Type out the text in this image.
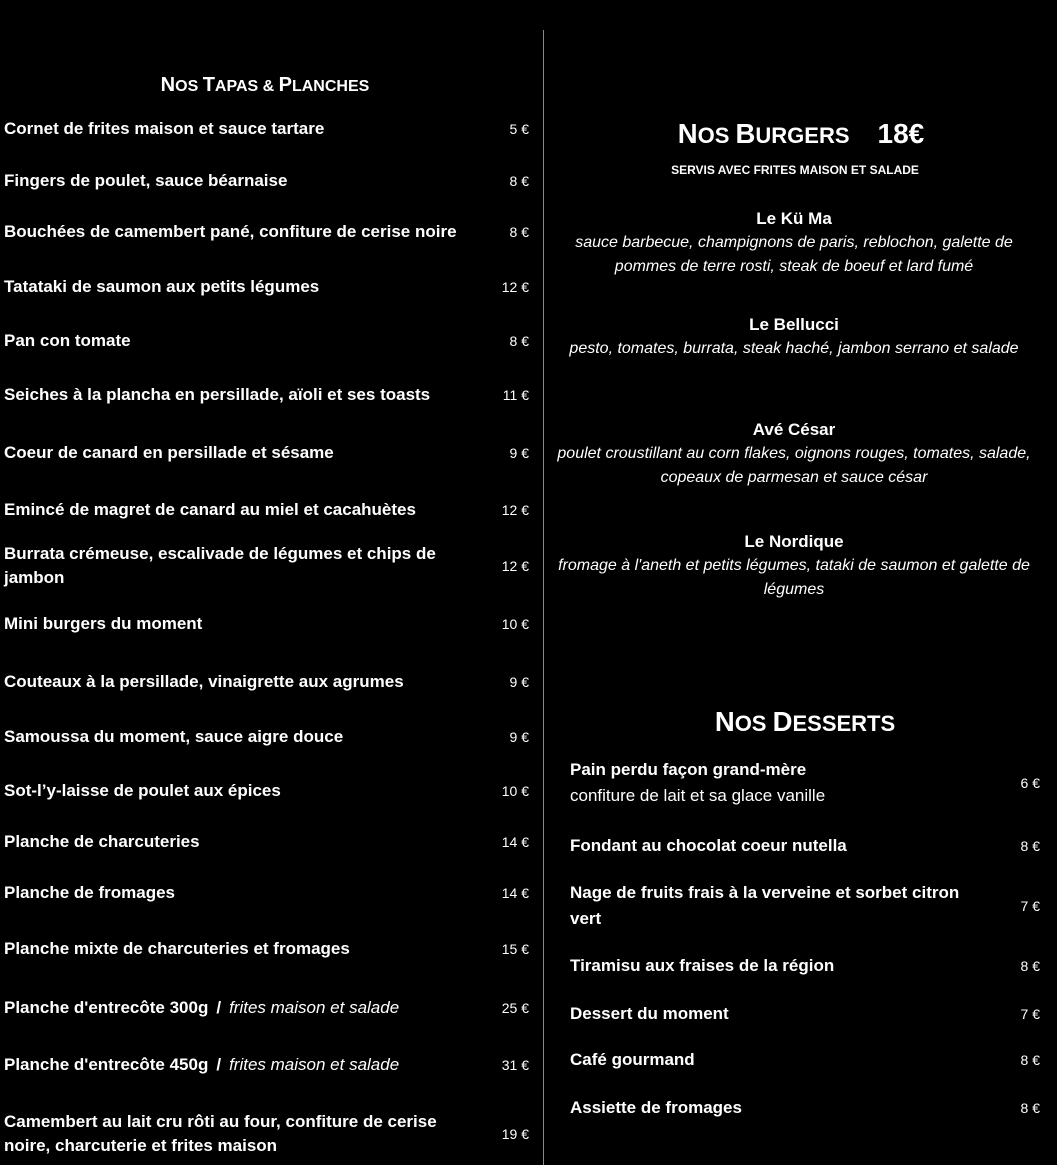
NOS TAPAS & PLANCHES
Cornet de frites maison et sauce tartare	5 €
Fingers de poulet, sauce béarnaise	8 €
Bouchées de camembert pané, confiture de cerise noire	8 €
Tatataki de saumon aux petits légumes	12 €
Pan con tomate	8 €
Seiches à la plancha en persillade, aïoli et ses toasts	11 €
Coeur de canard en persillade et sésame	9 €
Emincé de magret de canard au miel et cacahuètes	12 €
Burrata crémeuse, escalivade de légumes et chips de jambon
12 €
Mini burgers du moment	10 €
Couteaux à la persillade, vinaigrette aux agrumes	9 €
Samoussa du moment, sauce aigre douce	9 €
Sot-l’y-laisse de poulet aux épices	10 €
Planche de charcuteries	14 €
Planche de fromages	14 €
Planche mixte de charcuteries et fromages	15 €
Planche d'entrecôte 300g / frites maison et salade	25 €
Planche d'entrecôte 450g / frites maison et salade	31 €
Camembert au lait cru rôti au four, confiture de cerise noire, charcuterie et frites maison
19 €
NOS BURGERS 18€
SERVIS AVEC FRITES MAISON ET SALADE
Le Kü Ma
sauce barbecue, champignons de paris, reblochon, galette de pommes de terre rosti, steak de boeuf et lard fumé
Le Bellucci
pesto, tomates, burrata, steak haché, jambon serrano et salade
Avé César
poulet croustillant au corn flakes, oignons rouges, tomates, salade, copeaux de parmesan et sauce césar
Le Nordique
fromage à l'aneth et petits légumes, tataki de saumon et galette de légumes
NOS DESSERTS
Pain perdu façon grand-mère
confiture de lait et sa glace vanille
6 €
Fondant au chocolat coeur nutella	8 €
Nage de fruits frais à la verveine et sorbet citron vert
7 €
Tiramisu aux fraises de la région	8 €
Dessert du moment	7 €
Café gourmand	8 €
Assiette de fromages	8 €
